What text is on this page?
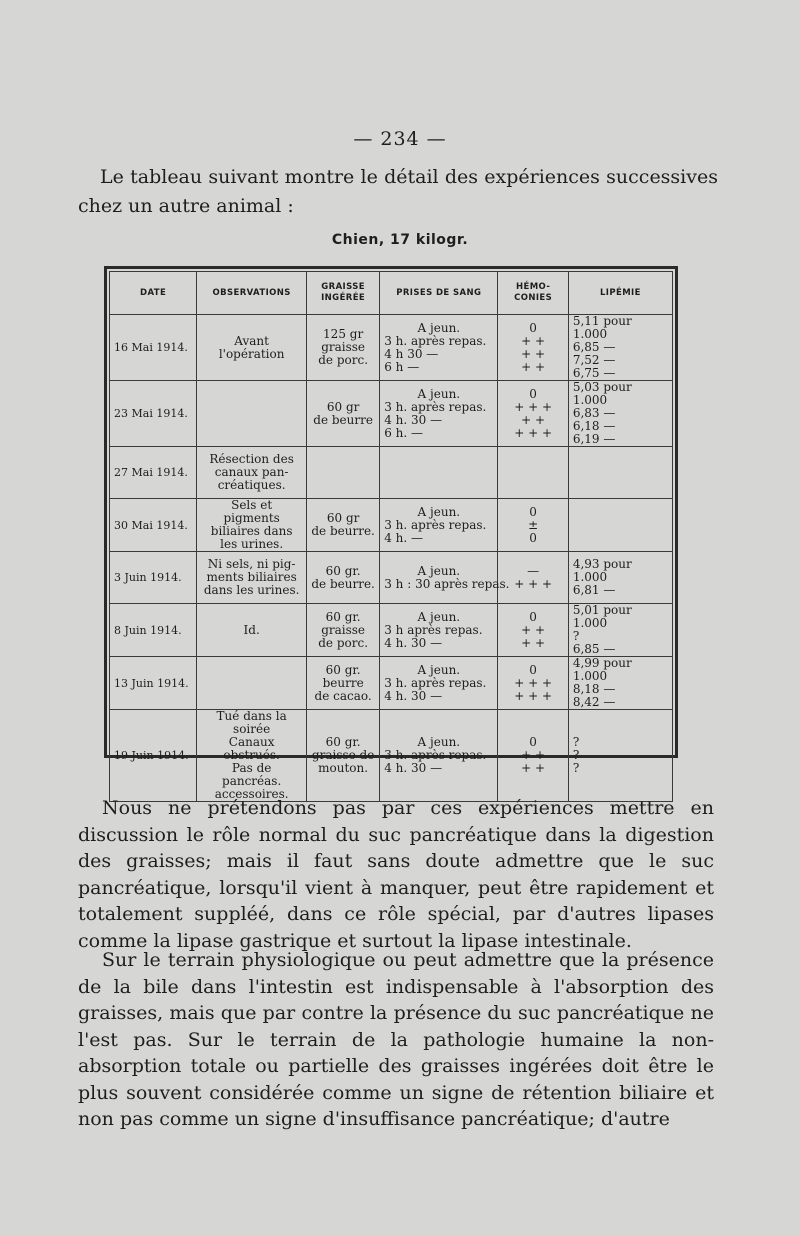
— 234 —
Le tableau suivant montre le détail des expériences successives chez un autre animal :
Chien, 17 kilogr.
DATE	OBSERVATIONS	GRAISSE
INGÉRÉE	PRISES DE SANG	HÉMO-
CONIES	LIPÉMIE
16 Mai 1914.	Avant
l'opération	125 gr
graisse
de porc.	A jeun.
3 h. après repas.
4 h 30 —
6 h —	0
+ +
+ +
+ +	5,11 pour 1.000
6,85 —
7,52 —
6,75 —

23 Mai 1914.		60 gr
de beurre	A jeun.
3 h. après repas.
4 h. 30 —
6 h. —	0
+ + +
+ +
+ + +	5,03 pour 1.000
6,83 —
6,18 —
6,19 —

27 Mai 1914.	Résection des
canaux pan-
créatiques.				

30 Mai 1914.	Sels et pigments
biliaires dans
les urines.	60 gr
de beurre.	A jeun.
3 h. après repas.
4 h. —	0
±
0	

3 Juin 1914.	Ni sels, ni pig-
ments biliaires
dans les urines.	60 gr.
de beurre.	A jeun.
3 h : 30 après repas.	—
+ + +	4,93 pour 1.000
6,81 —

8 Juin 1914.	Id.	60 gr.
graisse
de porc.	A jeun.
3 h après repas.
4 h. 30 —	0
+ +
+ +	5,01 pour 1.000
?
6,85 —

13 Juin 1914.		60 gr.
beurre
de cacao.	A jeun.
3 h. après repas.
4 h. 30 —	0
+ + +
+ + +	4,99 pour 1.000
8,18 —
8,42 —

19 Juin 1914.	Tué dans la soirée
Canaux obstrués.
Pas de pancréas.
accessoires.	60 gr.
graisse de
mouton.	A jeun.
3 h. après repas.
4 h. 30 —	0
+ +
+ +	?
?
?
Nous ne prétendons pas par ces expériences mettre en discussion le rôle normal du suc pancréatique dans la digestion des graisses; mais il faut sans doute admettre que le suc pancréatique, lorsqu'il vient à manquer, peut être rapidement et totalement suppléé, dans ce rôle spécial, par d'autres lipases comme la lipase gastrique et surtout la lipase intestinale.
Sur le terrain physiologique ou peut admettre que la présence de la bile dans l'intestin est indispensable à l'absorption des graisses, mais que par contre la présence du suc pancréatique ne l'est pas. Sur le terrain de la pathologie humaine la non-absorption totale ou partielle des graisses ingérées doit être le plus souvent considérée comme un signe de rétention biliaire et non pas comme un signe d'insuffisance pancréatique; d'autre
